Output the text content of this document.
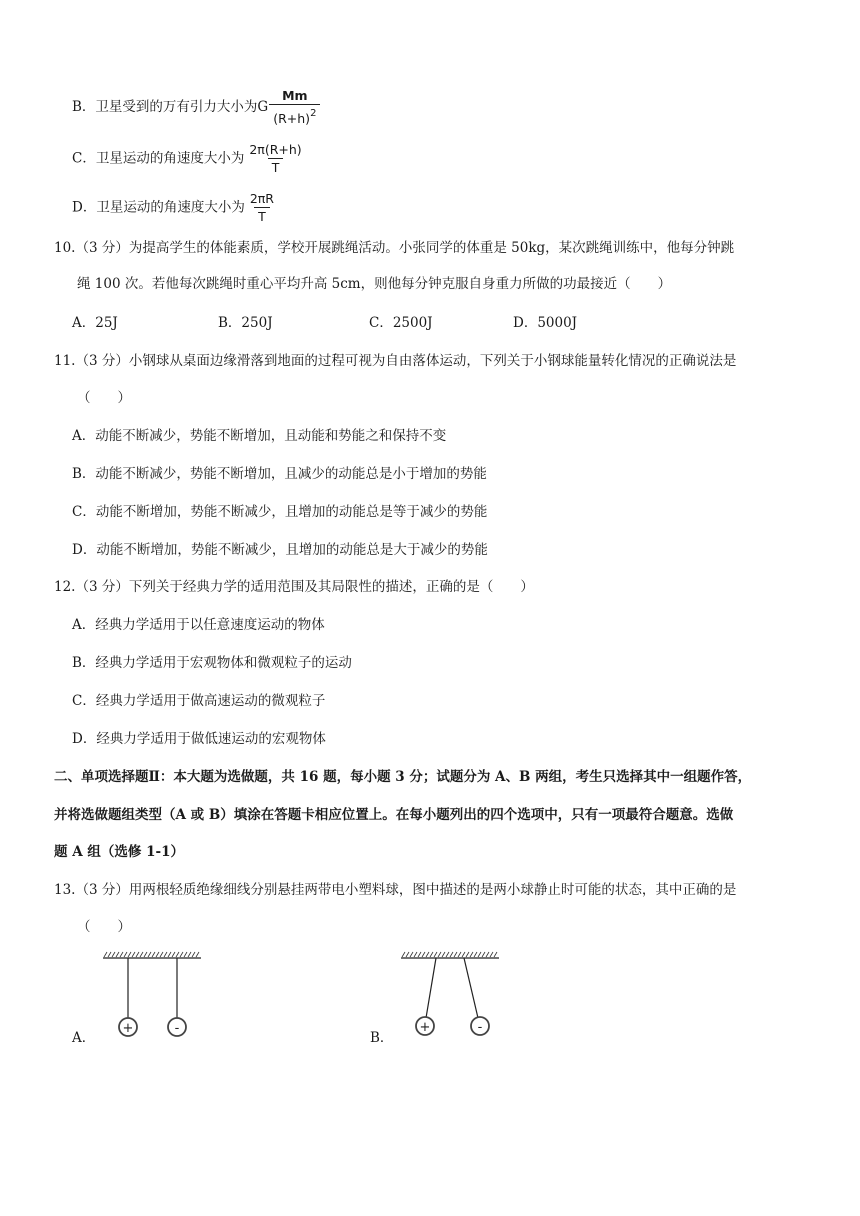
B．卫星受到的万有引力大小为G $\frac{Mm}{(R+h)^2}$
C．卫星运动的角速度大小为 $\frac{2\pi(R+h)}{T}$
D．卫星运动的角速度大小为 $\frac{2\pi R}{T}$
10.（3 分）为提高学生的体能素质，学校开展跳绳活动。小张同学的体重是 50kg，某次跳绳训练中，他每分钟跳
绳 100 次。若他每次跳绳时重心平均升高 5cm，则他每分钟克服自身重力所做的功最接近（　　）
A．25J	B．250J	C．2500J	D．5000J
11.（3 分）小钢球从桌面边缘滑落到地面的过程可视为自由落体运动，下列关于小钢球能量转化情况的正确说法是
（　　）
A．动能不断减少，势能不断增加，且动能和势能之和保持不变
B．动能不断减少，势能不断增加，且减少的动能总是小于增加的势能
C．动能不断增加，势能不断减少，且增加的动能总是等于减少的势能
D．动能不断增加，势能不断减少，且增加的动能总是大于减少的势能
12.（3 分）下列关于经典力学的适用范围及其局限性的描述，正确的是（　　）
A．经典力学适用于以任意速度运动的物体
B．经典力学适用于宏观物体和微观粒子的运动
C．经典力学适用于做高速运动的微观粒子
D．经典力学适用于做低速运动的宏观物体
二、单项选择题Ⅱ：本大题为选做题，共 16 题，每小题 3 分；试题分为 A、B 两组，考生只选择其中一组题作答，
并将选做题组类型（A 或 B）填涂在答题卡相应位置上。在每小题列出的四个选项中，只有一项最符合题意。选做
题 A 组（选修 1-1）
13.（3 分）用两根轻质绝缘细线分别悬挂两带电小塑料球，图中描述的是两小球静止时可能的状态，其中正确的是
（　　）
A．	B．
+	-	+	-
